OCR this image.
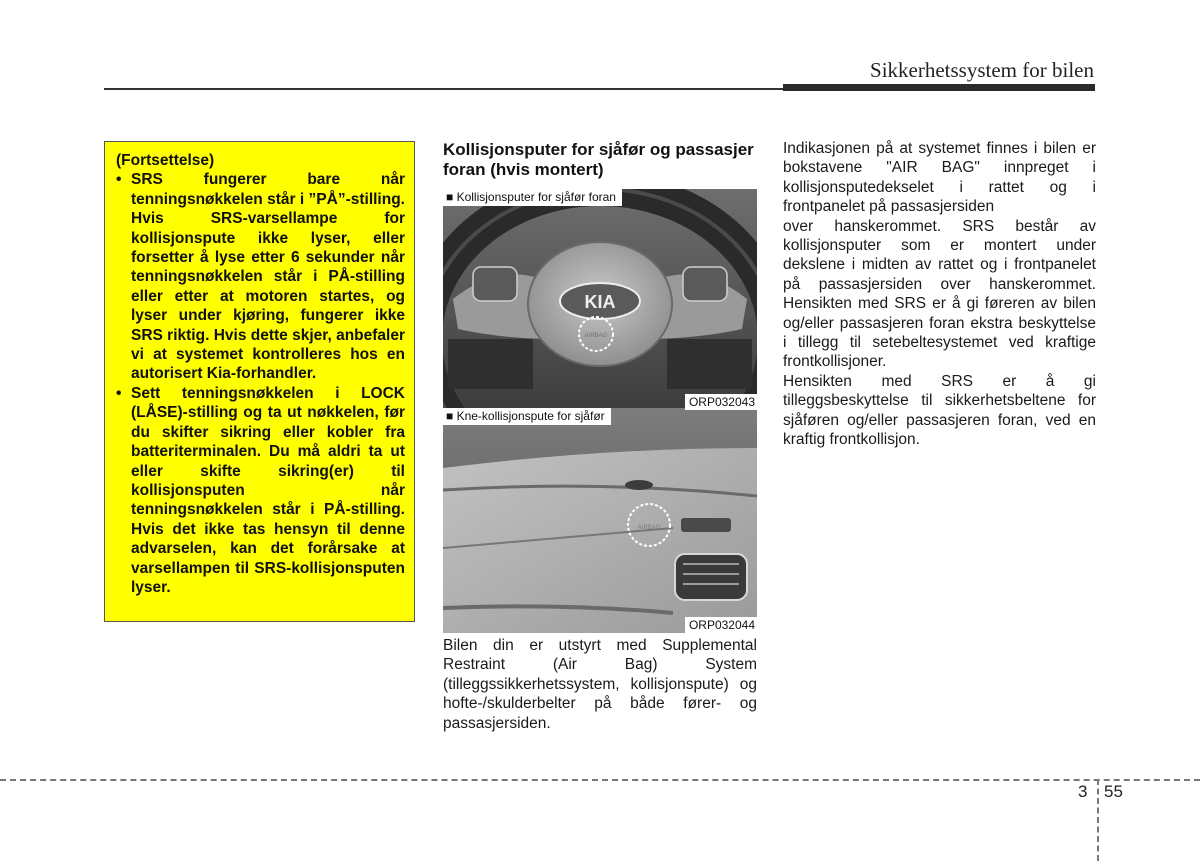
Sikkerhetssystem for bilen
(Fortsettelse)
• SRS fungerer bare når tenningsnøkkelen står i ”PÅ”-stilling. Hvis SRS-varsellampe for kollisjonspute ikke lyser, eller forsetter å lyse etter 6 sekunder når tenningsnøkkelen står i PÅ-stilling eller etter at motoren startes, og lyser under kjøring, fungerer ikke SRS riktig. Hvis dette skjer, anbefaler vi at systemet kontrolleres hos en autorisert Kia-forhandler.
• Sett tenningsnøkkelen i LOCK (LÅSE)-stilling og ta ut nøkkelen, før du skifter sikring eller kobler fra batteriterminalen. Du må aldri ta ut eller skifte sikring(er) til kollisjonsputen når tenningsnøkkelen står i PÅ-stilling. Hvis det ikke tas hensyn til denne advarselen, kan det forårsake at varsellampen til SRS-kollisjonsputen lyser.
Kollisjonsputer for sjåfør og passasjer foran (hvis montert)
■ Kollisjonsputer for sjåfør foran
KIA
AIRBAG
ORP032043
■ Kne-kollisjonspute for sjåfør
AIRBAG
ORP032044
Bilen din er utstyrt med Supplemental Restraint (Air Bag) System (tilleggssikkerhetssystem, kollisjonspute) og hofte-/skulderbelter på både fører- og passasjersiden.

Indikasjonen på at systemet finnes i bilen er bokstavene "AIR BAG" innpreget i kollisjonsputedekselet i rattet og i frontpanelet på passasjersiden

over hanskerommet. SRS består av kollisjonsputer som er montert under dekslene i midten av rattet og i frontpanelet på passasjersiden over hanskerommet. Hensikten med SRS er å gi føreren av bilen og/eller passasjeren foran ekstra beskyttelse i tillegg til setebeltesystemet ved kraftige frontkollisjoner.

Hensikten med SRS er å gi tilleggsbeskyttelse til sikkerhetsbeltene for sjåføren og/eller passasjeren foran, ved en kraftig frontkollisjon.

3 55
